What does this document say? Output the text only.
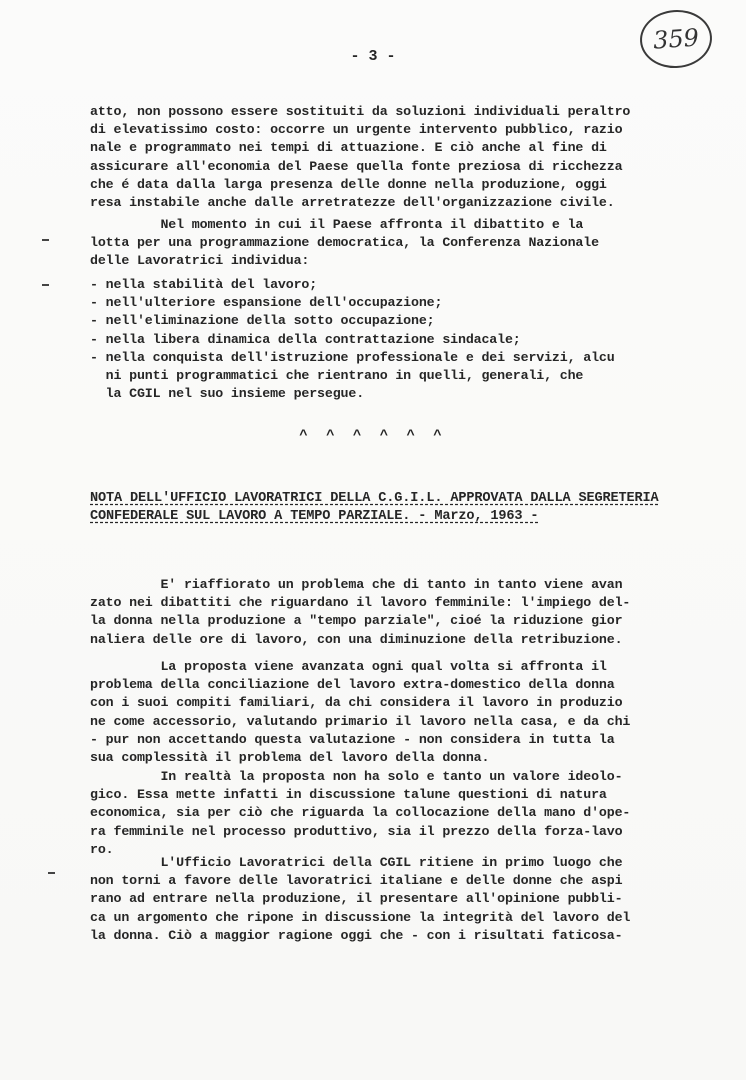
359
- 3 -
atto, non possono essere sostituiti da soluzioni individuali peraltro
di elevatissimo costo: occorre un urgente intervento pubblico, razio
nale e programmato nei tempi di attuazione. E ciò anche al fine di
assicurare all'economia del Paese quella fonte preziosa di ricchezza
che é data dalla larga presenza delle donne nella produzione, oggi
resa instabile anche dalle arretratezze dell'organizzazione civile.
Nel momento in cui il Paese affronta il dibattito e la
lotta per una programmazione democratica, la Conferenza Nazionale
delle Lavoratrici individua:
- nella stabilità del lavoro;
- nell'ulteriore espansione dell'occupazione;
- nell'eliminazione della sotto occupazione;
- nella libera dinamica della contrattazione sindacale;
- nella conquista dell'istruzione professionale e dei servizi, alcu
ni punti programmatici che rientrano in quelli, generali, che
la CGIL nel suo insieme persegue.
^ ^ ^ ^ ^ ^
NOTA DELL'UFFICIO LAVORATRICI DELLA C.G.I.L. APPROVATA DALLA SEGRETERIA
CONFEDERALE SUL LAVORO A TEMPO PARZIALE. - Marzo, 1963 -
E' riaffiorato un problema che di tanto in tanto viene avan
zato nei dibattiti che riguardano il lavoro femminile: l'impiego del-
la donna nella produzione a "tempo parziale", cioé la riduzione gior
naliera delle ore di lavoro, con una diminuzione della retribuzione.
La proposta viene avanzata ogni qual volta si affronta il
problema della conciliazione del lavoro extra-domestico della donna
con i suoi compiti familiari, da chi considera il lavoro in produzio
ne come accessorio, valutando primario il lavoro nella casa, e da chi
- pur non accettando questa valutazione - non considera in tutta la
sua complessità il problema del lavoro della donna.
In realtà la proposta non ha solo e tanto un valore ideolo-
gico. Essa mette infatti in discussione talune questioni di natura
economica, sia per ciò che riguarda la collocazione della mano d'ope-
ra femminile nel processo produttivo, sia il prezzo della forza-lavo
ro.
L'Ufficio Lavoratrici della CGIL ritiene in primo luogo che
non torni a favore delle lavoratrici italiane e delle donne che aspi
rano ad entrare nella produzione, il presentare all'opinione pubbli-
ca un argomento che ripone in discussione la integrità del lavoro del
la donna. Ciò a maggior ragione oggi che - con i risultati faticosa-
